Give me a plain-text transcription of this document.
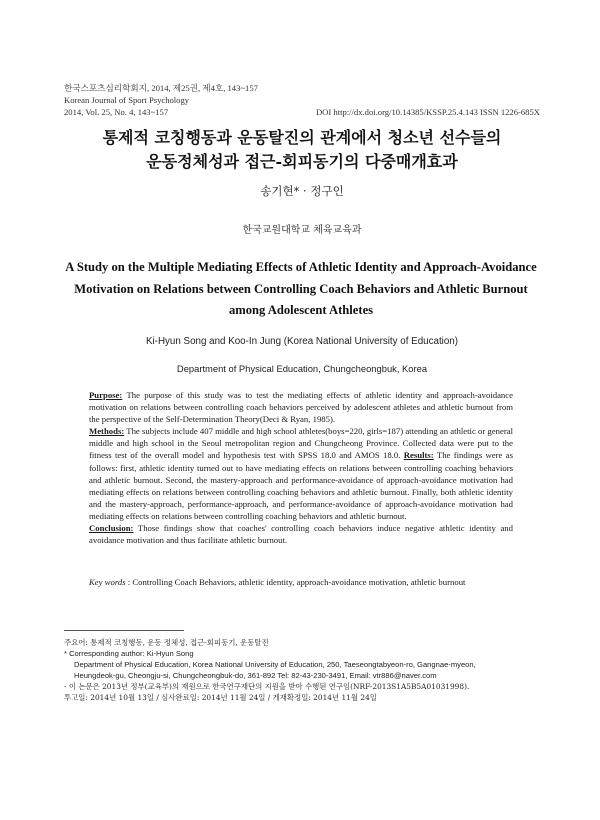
한국스포츠심리학회지, 2014, 제25권, 제4호, 143~157
Korean Journal of Sport Psychology
2014, Vol. 25, No. 4, 143~157	DOI http://dx.doi.org/10.14385/KSSP.25.4.143 ISSN 1226-685X
통제적 코칭행동과 운동탈진의 관계에서 청소년 선수들의
운동정체성과 접근-회피동기의 다중매개효과
송기현* · 정구인
한국교원대학교 체육교육과
A Study on the Multiple Mediating Effects of Athletic Identity and Approach-Avoidance
Motivation on Relations between Controlling Coach Behaviors and Athletic Burnout
among Adolescent Athletes
Ki-Hyun Song and Koo-In Jung (Korea National University of Education)
Department of Physical Education, Chungcheongbuk, Korea
Purpose: The purpose of this study was to test the mediating effects of athletic identity and approach-avoidance motivation on relations between controlling coach behaviors perceived by adolescent athletes and athletic burnout from the perspective of the Self-Determination Theory(Deci & Ryan, 1985).
Methods: The subjects include 407 middle and high school athletes(boys=220, girls=187) attending an athletic or general middle and high school in the Seoul metropolitan region and Chungcheong Province. Collected data were put to the fitness test of the overall model and hypothesis test with SPSS 18.0 and AMOS 18.0. Results: The findings were as follows: first, athletic identity turned out to have mediating effects on relations between controlling coaching behaviors and athletic burnout. Second, the mastery-approach and performance-avoidance of approach-avoidance motivation had mediating effects on relations between controlling coaching behaviors and athletic burnout. Finally, both athletic identity and the mastery-approach, performance-approach, and performance-avoidance of approach-avoidance motivation had mediating effects on relations between controlling coaching behaviors and athletic burnout.
Conclusion: Those findings show that coaches' controlling coach behaviors induce negative athletic identity and avoidance motivation and thus facilitate athletic burnout.
Key words : Controlling Coach Behaviors, athletic identity, approach-avoidance motivation, athletic burnout
주요어: 통제적 코칭행동, 운동 정체성, 접근-회피동기, 운동탈진
* Corresponding author: Ki-Hyun Song
Department of Physical Education, Korea National University of Education, 250, Taeseongtabyeon-ro, Gangnae-myeon,
Heungdeok-gu, Cheongju-si, Chungcheongbuk-do, 361-892 Tel: 82-43-230-3491, Email: vtr886@naver.com
- 이 논문은 2013년 정부(교육부)의 재원으로 한국연구재단의 지원을 받아 수행된 연구임(NRF-2013S1A5B5A01031998).
투고일: 2014년 10월 13일 / 심사완료일: 2014년 11월 24일 / 게재확정일: 2014년 11월 24일
